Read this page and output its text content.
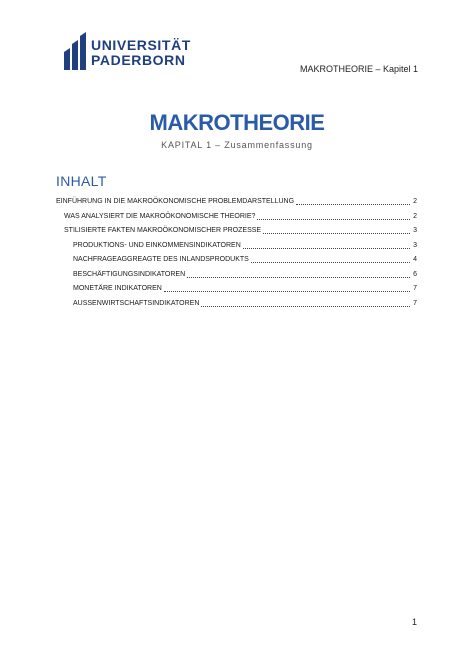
UNIVERSITÄT
PADERBORN
MAKROTHEORIE – Kapitel 1
MAKROTHEORIE
KAPITAL 1 – Zusammenfassung
INHALT
EINFÜHRUNG IN DIE MAKROÖKONOMISCHE PROBLEMDARSTELLUNG	2
WAS ANALYSIERT DIE MAKROÖKONOMISCHE THEORIE?	2
STILISIERTE FAKTEN MAKROÖKONOMISCHER PROZESSE	3
PRODUKTIONS- UND EINKOMMENSINDIKATOREN	3
NACHFRAGEAGGREAGTE DES INLANDSPRODUKTS	4
BESCHÄFTIGUNGSINDIKATOREN	6
MONETÄRE INDIKATOREN	7
AUSSENWIRTSCHAFTSINDIKATOREN	7
1
